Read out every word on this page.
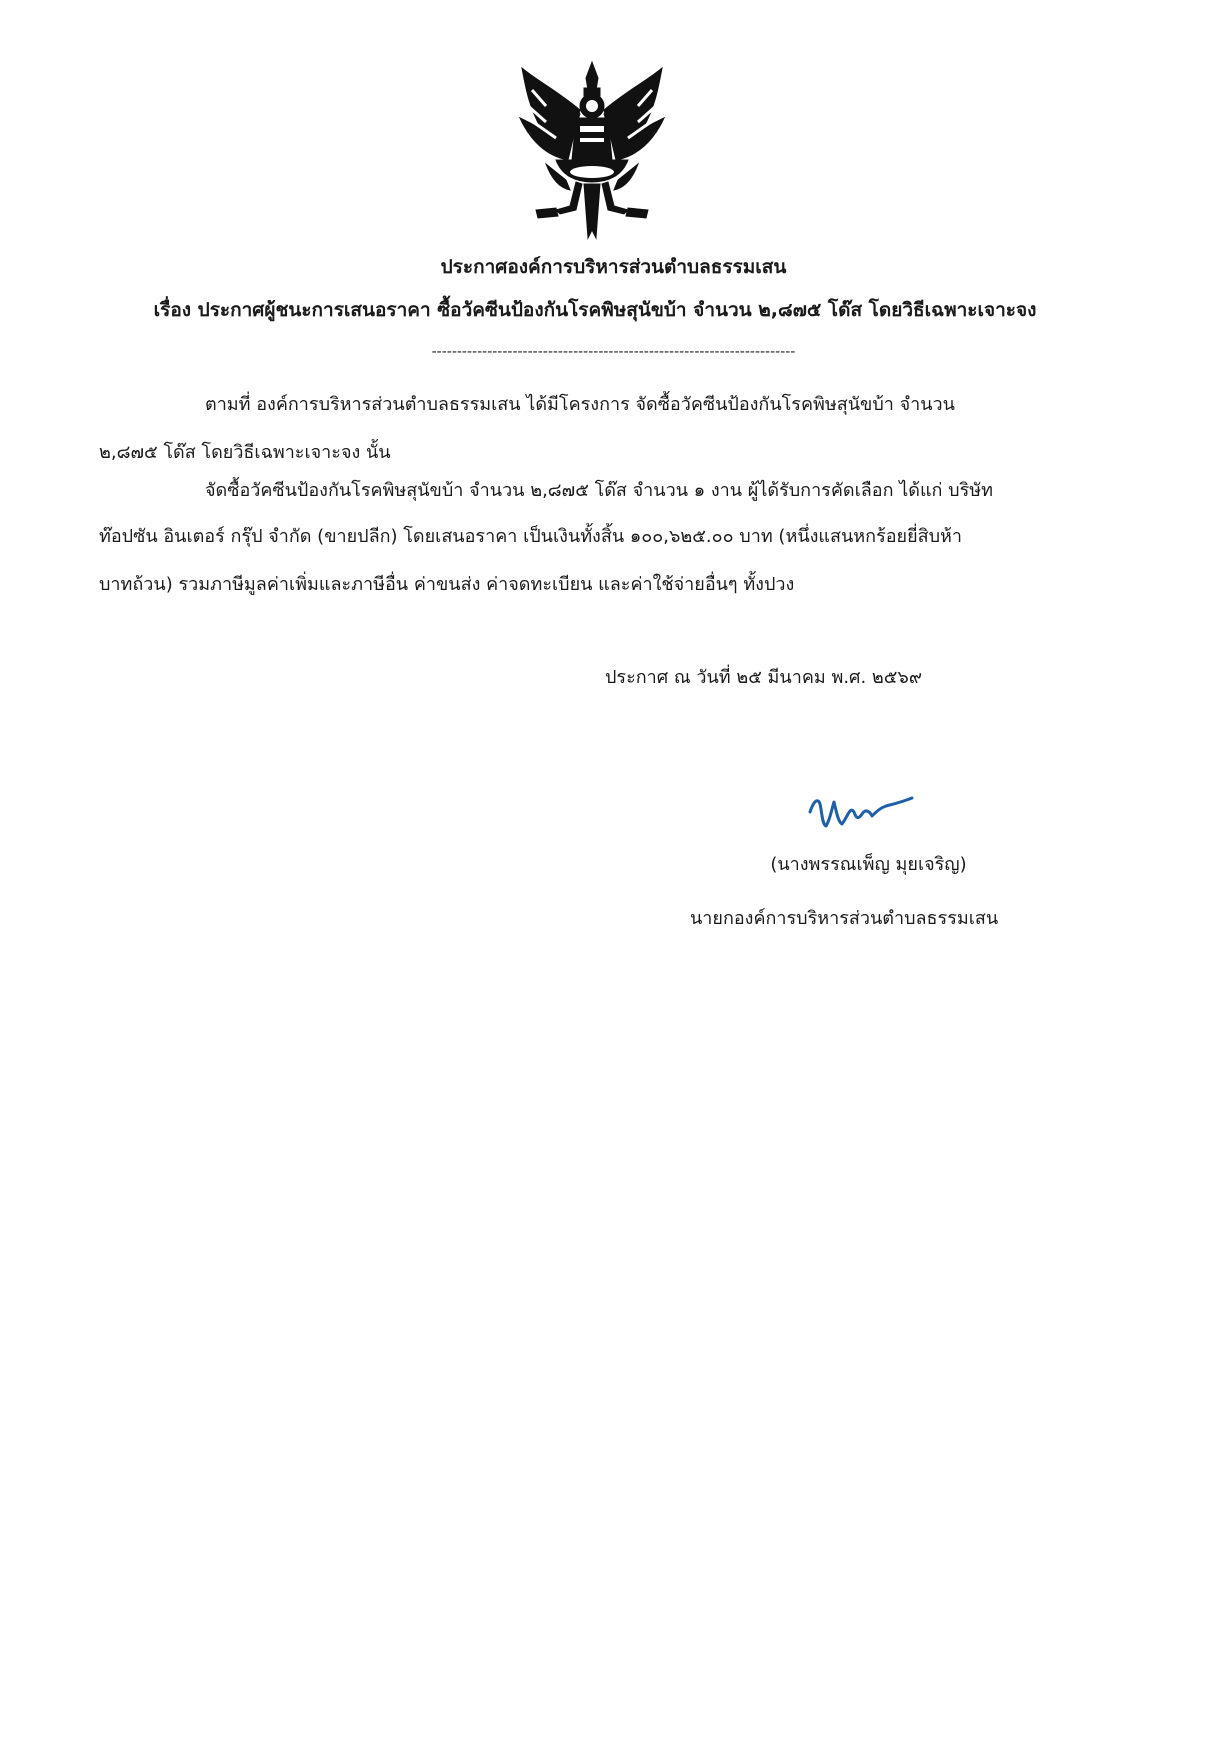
ประกาศองค์การบริหารส่วนตำบลธรรมเสน
เรื่อง ประกาศผู้ชนะการเสนอราคา ซื้อวัคซีนป้องกันโรคพิษสุนัขบ้า จำนวน ๒,๘๗๕ โด๊ส โดยวิธีเฉพาะเจาะจง
------------------------------------------------------------------------
ตามที่ องค์การบริหารส่วนตำบลธรรมเสน ได้มีโครงการ จัดซื้อวัคซีนป้องกันโรคพิษสุนัขบ้า จำนวน
๒,๘๗๕ โด๊ส โดยวิธีเฉพาะเจาะจง นั้น
จัดซื้อวัคซีนป้องกันโรคพิษสุนัขบ้า จำนวน ๒,๘๗๕ โด๊ส จำนวน ๑ งาน ผู้ได้รับการคัดเลือก ได้แก่ บริษัท
ท๊อปซัน อินเตอร์ กรุ๊ป จำกัด (ขายปลีก) โดยเสนอราคา เป็นเงินทั้งสิ้น ๑๐๐,๖๒๕.๐๐ บาท (หนึ่งแสนหกร้อยยี่สิบห้า
บาทถ้วน) รวมภาษีมูลค่าเพิ่มและภาษีอื่น ค่าขนส่ง ค่าจดทะเบียน และค่าใช้จ่ายอื่นๆ ทั้งปวง
ประกาศ ณ วันที่ ๒๕ มีนาคม พ.ศ. ๒๕๖๙
(นางพรรณเพ็ญ มุยเจริญ)
นายกองค์การบริหารส่วนตำบลธรรมเสน
